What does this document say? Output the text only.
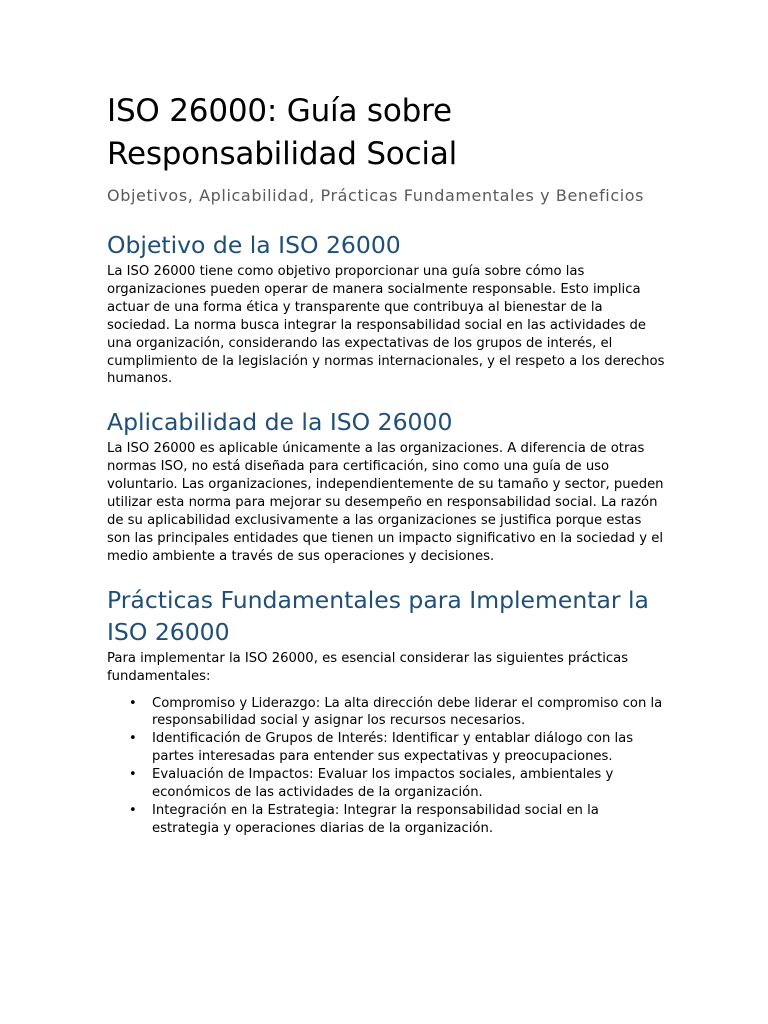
ISO 26000: Guía sobre Responsabilidad Social
Objetivos, Aplicabilidad, Prácticas Fundamentales y Beneficios
Objetivo de la ISO 26000

La ISO 26000 tiene como objetivo proporcionar una guía sobre cómo las organizaciones pueden operar de manera socialmente responsable. Esto implica actuar de una forma ética y transparente que contribuya al bienestar de la sociedad. La norma busca integrar la responsabilidad social en las actividades de una organización, considerando las expectativas de los grupos de interés, el cumplimiento de la legislación y normas internacionales, y el respeto a los derechos humanos.

Aplicabilidad de la ISO 26000

La ISO 26000 es aplicable únicamente a las organizaciones. A diferencia de otras normas ISO, no está diseñada para certificación, sino como una guía de uso voluntario. Las organizaciones, independientemente de su tamaño y sector, pueden utilizar esta norma para mejorar su desempeño en responsabilidad social. La razón de su aplicabilidad exclusivamente a las organizaciones se justifica porque estas son las principales entidades que tienen un impacto significativo en la sociedad y el medio ambiente a través de sus operaciones y decisiones.

Prácticas Fundamentales para Implementar la ISO 26000

Para implementar la ISO 26000, es esencial considerar las siguientes prácticas fundamentales:

• Compromiso y Liderazgo: La alta dirección debe liderar el compromiso con la responsabilidad social y asignar los recursos necesarios.
• Identificación de Grupos de Interés: Identificar y entablar diálogo con las partes interesadas para entender sus expectativas y preocupaciones.
• Evaluación de Impactos: Evaluar los impactos sociales, ambientales y económicos de las actividades de la organización.
• Integración en la Estrategia: Integrar la responsabilidad social en la estrategia y operaciones diarias de la organización.
